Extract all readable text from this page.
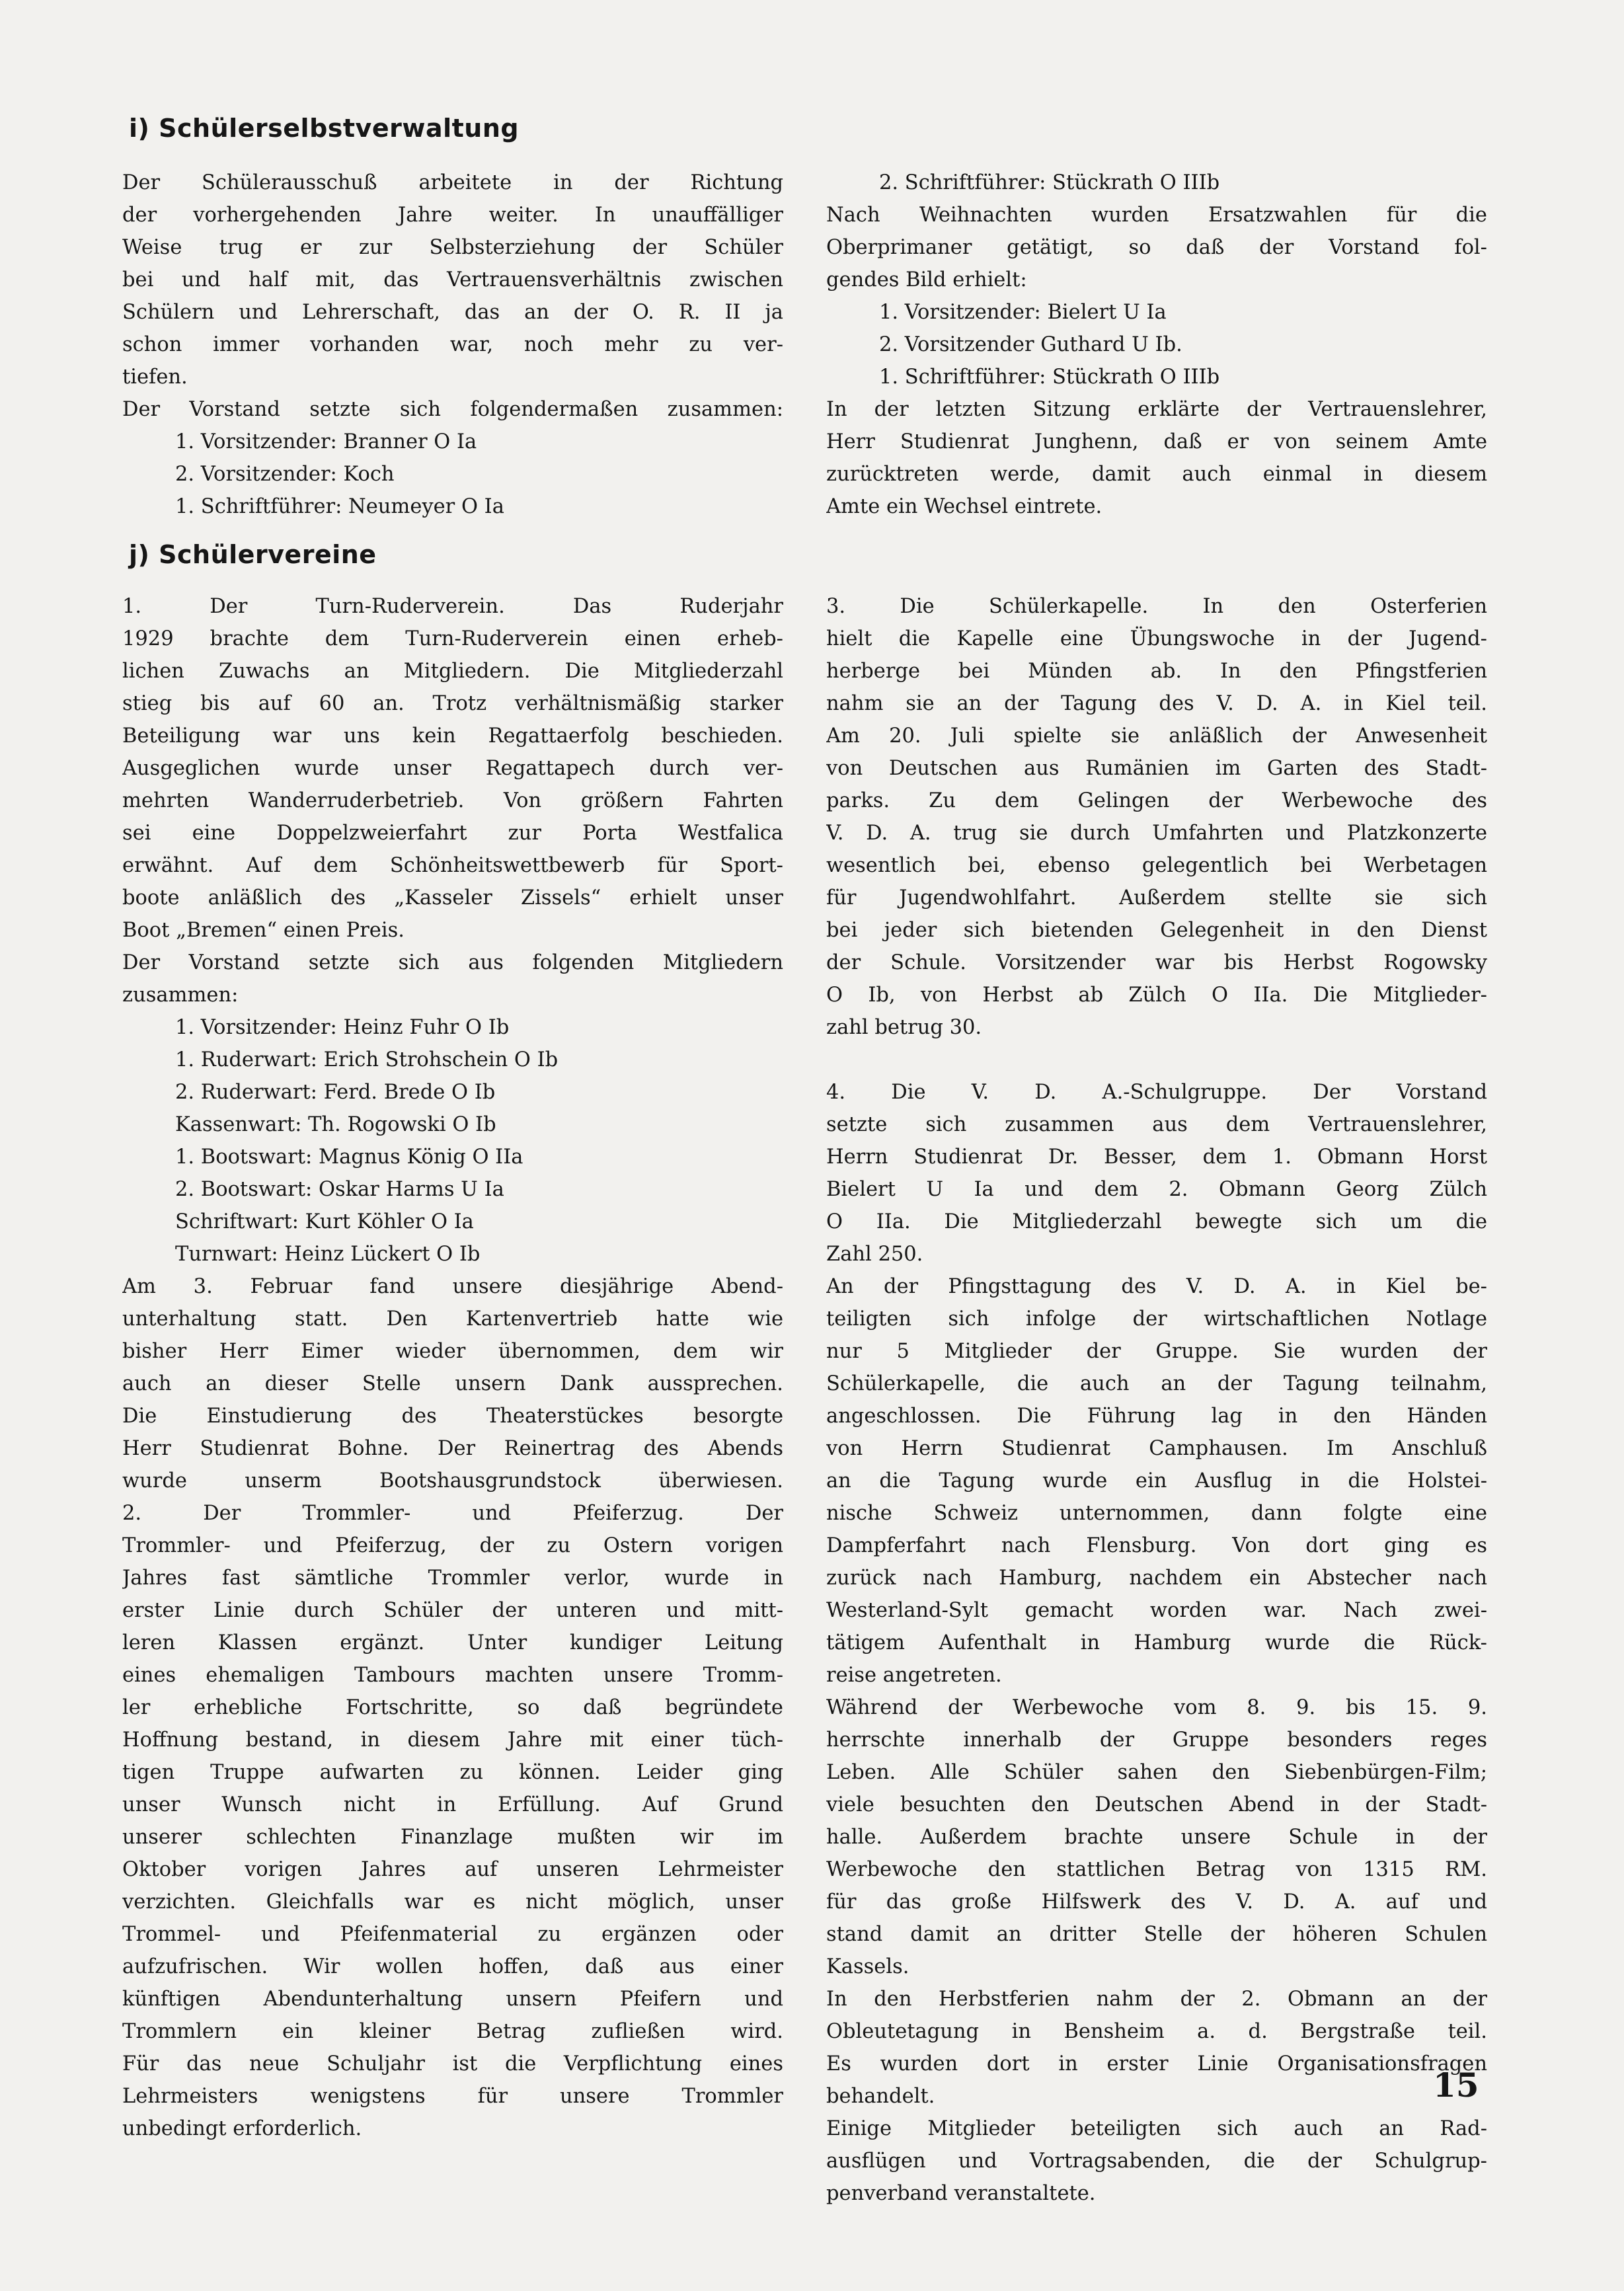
i) Schülerselbstverwaltung
Der Schülerausschuß arbeitete in der Richtung
der vorhergehenden Jahre weiter. In unauffälliger
Weise trug er zur Selbsterziehung der Schüler
bei und half mit, das Vertrauensverhältnis zwischen
Schülern und Lehrerschaft, das an der O. R. II ja
schon immer vorhanden war, noch mehr zu ver-
tiefen.
Der Vorstand setzte sich folgendermaßen zusammen:
1. Vorsitzender: Branner O Ia
2. Vorsitzender: Koch
1. Schriftführer: Neumeyer O Ia
j) Schülervereine
1. Der Turn-Ruderverein. Das Ruderjahr
1929 brachte dem Turn-Ruderverein einen erheb-
lichen Zuwachs an Mitgliedern. Die Mitgliederzahl
stieg bis auf 60 an. Trotz verhältnismäßig starker
Beteiligung war uns kein Regattaerfolg beschieden.
Ausgeglichen wurde unser Regattapech durch ver-
mehrten Wanderruderbetrieb. Von größern Fahrten
sei eine Doppelzweierfahrt zur Porta Westfalica
erwähnt. Auf dem Schönheitswettbewerb für Sport-
boote anläßlich des „Kasseler Zissels“ erhielt unser
Boot „Bremen“ einen Preis.
Der Vorstand setzte sich aus folgenden Mitgliedern
zusammen:
1. Vorsitzender: Heinz Fuhr O Ib
1. Ruderwart: Erich Strohschein O Ib
2. Ruderwart: Ferd. Brede O Ib
Kassenwart: Th. Rogowski O Ib
1. Bootswart: Magnus König O IIa
2. Bootswart: Oskar Harms U Ia
Schriftwart: Kurt Köhler O Ia
Turnwart: Heinz Lückert O Ib
Am 3. Februar fand unsere diesjährige Abend-
unterhaltung statt. Den Kartenvertrieb hatte wie
bisher Herr Eimer wieder übernommen, dem wir
auch an dieser Stelle unsern Dank aussprechen.
Die Einstudierung des Theaterstückes besorgte
Herr Studienrat Bohne. Der Reinertrag des Abends
wurde unserm Bootshausgrundstock überwiesen.
2. Der Trommler- und Pfeiferzug. Der
Trommler- und Pfeiferzug, der zu Ostern vorigen
Jahres fast sämtliche Trommler verlor, wurde in
erster Linie durch Schüler der unteren und mitt-
leren Klassen ergänzt. Unter kundiger Leitung
eines ehemaligen Tambours machten unsere Tromm-
ler erhebliche Fortschritte, so daß begründete
Hoffnung bestand, in diesem Jahre mit einer tüch-
tigen Truppe aufwarten zu können. Leider ging
unser Wunsch nicht in Erfüllung. Auf Grund
unserer schlechten Finanzlage mußten wir im
Oktober vorigen Jahres auf unseren Lehrmeister
verzichten. Gleichfalls war es nicht möglich, unser
Trommel- und Pfeifenmaterial zu ergänzen oder
aufzufrischen. Wir wollen hoffen, daß aus einer
künftigen Abendunterhaltung unsern Pfeifern und
Trommlern ein kleiner Betrag zufließen wird.
Für das neue Schuljahr ist die Verpflichtung eines
Lehrmeisters wenigstens für unsere Trommler
unbedingt erforderlich.
2. Schriftführer: Stückrath O IIIb
Nach Weihnachten wurden Ersatzwahlen für die
Oberprimaner getätigt, so daß der Vorstand fol-
gendes Bild erhielt:
1. Vorsitzender: Bielert U Ia
2. Vorsitzender Guthard U Ib.
1. Schriftführer: Stückrath O IIIb
In der letzten Sitzung erklärte der Vertrauenslehrer,
Herr Studienrat Junghenn, daß er von seinem Amte
zurücktreten werde, damit auch einmal in diesem
Amte ein Wechsel eintrete.
3. Die Schülerkapelle. In den Osterferien
hielt die Kapelle eine Übungswoche in der Jugend-
herberge bei Münden ab. In den Pfingstferien
nahm sie an der Tagung des V. D. A. in Kiel teil.
Am 20. Juli spielte sie anläßlich der Anwesenheit
von Deutschen aus Rumänien im Garten des Stadt-
parks. Zu dem Gelingen der Werbewoche des
V. D. A. trug sie durch Umfahrten und Platzkonzerte
wesentlich bei, ebenso gelegentlich bei Werbetagen
für Jugendwohlfahrt. Außerdem stellte sie sich
bei jeder sich bietenden Gelegenheit in den Dienst
der Schule. Vorsitzender war bis Herbst Rogowsky
O Ib, von Herbst ab Zülch O IIa. Die Mitglieder-
zahl betrug 30.
4. Die V. D. A.-Schulgruppe. Der Vorstand
setzte sich zusammen aus dem Vertrauenslehrer,
Herrn Studienrat Dr. Besser, dem 1. Obmann Horst
Bielert U Ia und dem 2. Obmann Georg Zülch
O IIa. Die Mitgliederzahl bewegte sich um die
Zahl 250.
An der Pfingsttagung des V. D. A. in Kiel be-
teiligten sich infolge der wirtschaftlichen Notlage
nur 5 Mitglieder der Gruppe. Sie wurden der
Schülerkapelle, die auch an der Tagung teilnahm,
angeschlossen. Die Führung lag in den Händen
von Herrn Studienrat Camphausen. Im Anschluß
an die Tagung wurde ein Ausflug in die Holstei-
nische Schweiz unternommen, dann folgte eine
Dampferfahrt nach Flensburg. Von dort ging es
zurück nach Hamburg, nachdem ein Abstecher nach
Westerland-Sylt gemacht worden war. Nach zwei-
tätigem Aufenthalt in Hamburg wurde die Rück-
reise angetreten.
Während der Werbewoche vom 8. 9. bis 15. 9.
herrschte innerhalb der Gruppe besonders reges
Leben. Alle Schüler sahen den Siebenbürgen-Film;
viele besuchten den Deutschen Abend in der Stadt-
halle. Außerdem brachte unsere Schule in der
Werbewoche den stattlichen Betrag von 1315 RM.
für das große Hilfswerk des V. D. A. auf und
stand damit an dritter Stelle der höheren Schulen
Kassels.
In den Herbstferien nahm der 2. Obmann an der
Obleutetagung in Bensheim a. d. Bergstraße teil.
Es wurden dort in erster Linie Organisationsfragen
behandelt.
Einige Mitglieder beteiligten sich auch an Rad-
ausflügen und Vortragsabenden, die der Schulgrup-
penverband veranstaltete.
15
